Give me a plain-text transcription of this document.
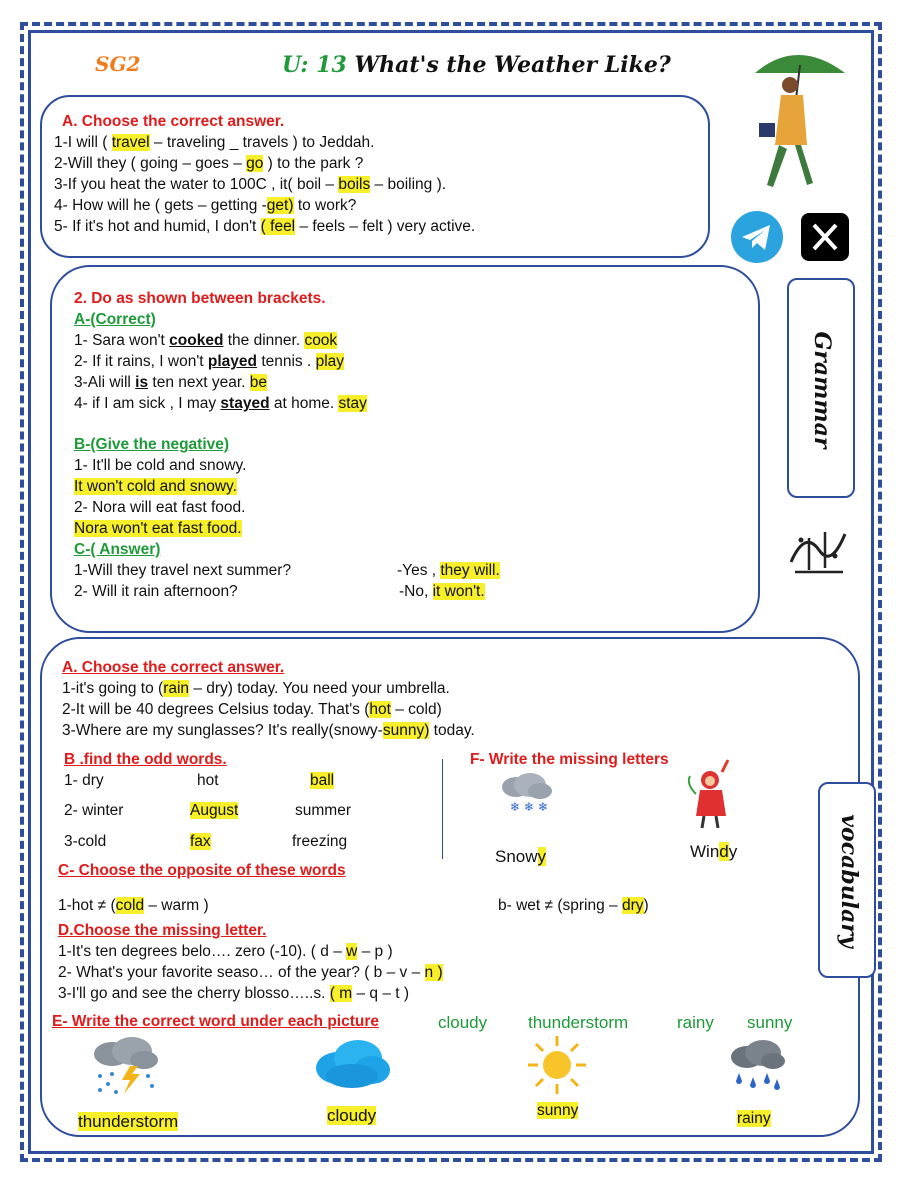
SG2	U: 13 What's the Weather Like?
A. Choose the correct answer.
1-I will ( travel – traveling _ travels ) to Jeddah.
2-Will they ( going – goes – go ) to the park ?
3-If you heat the water to 100C , it( boil – boils – boiling ).
4- How will he ( gets – getting -get) to work?
5- If it's hot and humid, I don't ( feel – feels – felt ) very active.
2. Do as shown between brackets.
A-(Correct)
1- Sara won't cooked the dinner. cook
2- If it rains, I won't played tennis . play
3-Ali will is ten next year. be
4- if I am sick , I may stayed at home. stay
B-(Give the negative)
1- It'll be cold and snowy.
It won't cold and snowy.
2- Nora will eat fast food.
Nora won't eat fast food.
C-( Answer)
1-Will they travel next summer?	-Yes , they will.
2- Will it rain afternoon?	-No, it won't.
Grammar
A. Choose the correct answer.
1-it's going to (rain – dry) today. You need your umbrella.
2-It will be 40 degrees Celsius today. That's (hot – cold)
3-Where are my sunglasses? It's really(snowy-sunny) today.
B .find the odd words.
1- dry	hot	ball
2- winter	August	summer
3-cold	fax	freezing
F- Write the missing letters
❄ ❄ ❄
Snowy	Windy
C- Choose the opposite of these words
1-hot ≠ (cold – warm )	b- wet ≠ (spring – dry)
D.Choose the missing letter.
1-It's ten degrees belo…. zero (-10). ( d – w – p )
2- What's your favorite seaso… of the year? ( b – v – n )
3-I'll go and see the cherry blosso…..s. ( m – q – t )
E- Write the correct word under each picture	cloudy thunderstorm	rainy sunny
thunderstorm	cloudy	sunny	rainy
vocabulary
